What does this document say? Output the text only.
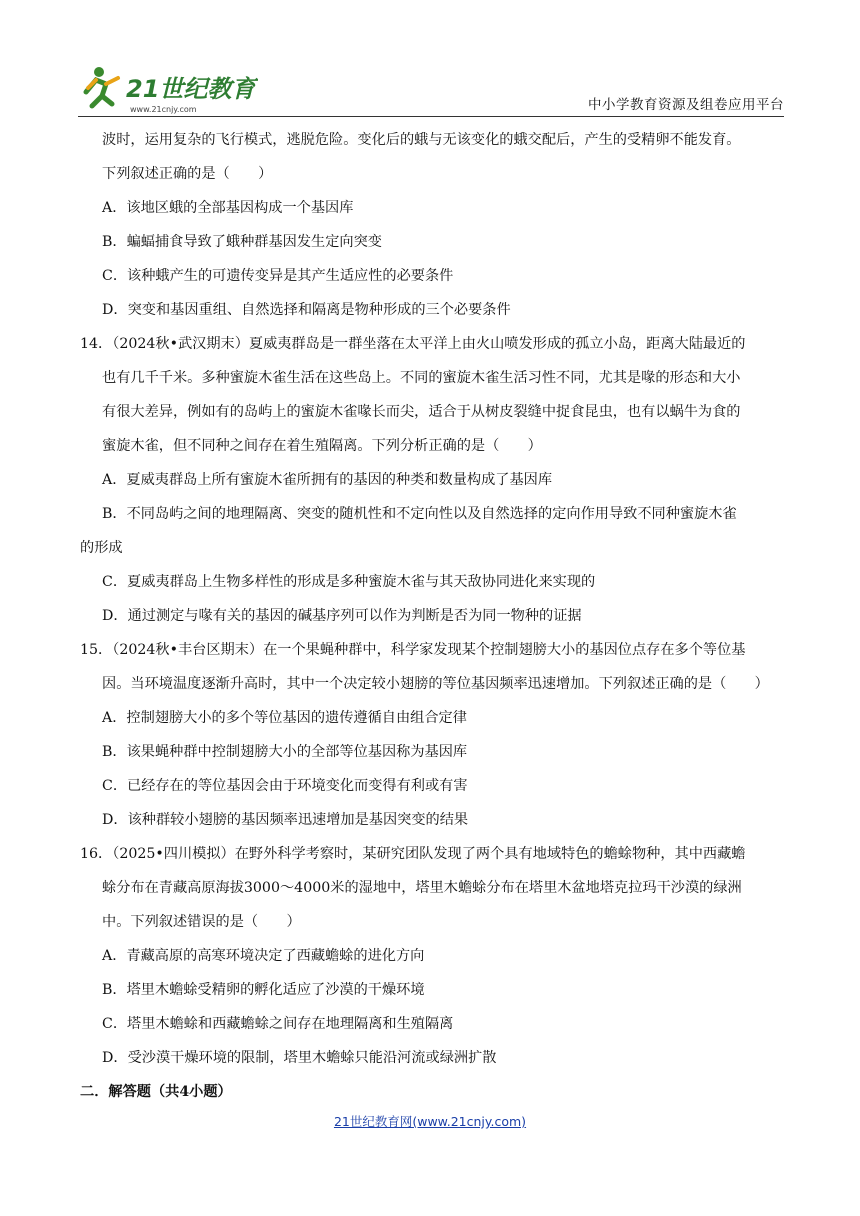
21世纪教育
www.21cnjy.com	中小学教育资源及组卷应用平台
波时，运用复杂的飞行模式，逃脱危险。变化后的蛾与无该变化的蛾交配后，产生的受精卵不能发育。
下列叙述正确的是（　　）
A．该地区蛾的全部基因构成一个基因库
B．蝙蝠捕食导致了蛾种群基因发生定向突变
C．该种蛾产生的可遗传变异是其产生适应性的必要条件
D．突变和基因重组、自然选择和隔离是物种形成的三个必要条件
14．（2024秋•武汉期末）夏威夷群岛是一群坐落在太平洋上由火山喷发形成的孤立小岛，距离大陆最近的
也有几千千米。多种蜜旋木雀生活在这些岛上。不同的蜜旋木雀生活习性不同，尤其是喙的形态和大小
有很大差异，例如有的岛屿上的蜜旋木雀喙长而尖，适合于从树皮裂缝中捉食昆虫，也有以蜗牛为食的
蜜旋木雀，但不同种之间存在着生殖隔离。下列分析正确的是（　　）
A．夏威夷群岛上所有蜜旋木雀所拥有的基因的种类和数量构成了基因库
B．不同岛屿之间的地理隔离、突变的随机性和不定向性以及自然选择的定向作用导致不同种蜜旋木雀
的形成
C．夏威夷群岛上生物多样性的形成是多种蜜旋木雀与其天敌协同进化来实现的
D．通过测定与喙有关的基因的碱基序列可以作为判断是否为同一物种的证据
15．（2024秋•丰台区期末）在一个果蝇种群中，科学家发现某个控制翅膀大小的基因位点存在多个等位基
因。当环境温度逐渐升高时，其中一个决定较小翅膀的等位基因频率迅速增加。下列叙述正确的是（　　）
A．控制翅膀大小的多个等位基因的遗传遵循自由组合定律
B．该果蝇种群中控制翅膀大小的全部等位基因称为基因库
C．已经存在的等位基因会由于环境变化而变得有利或有害
D．该种群较小翅膀的基因频率迅速增加是基因突变的结果
16．（2025•四川模拟）在野外科学考察时，某研究团队发现了两个具有地域特色的蟾蜍物种，其中西藏蟾
蜍分布在青藏高原海拔3000～4000米的湿地中，塔里木蟾蜍分布在塔里木盆地塔克拉玛干沙漠的绿洲
中。下列叙述错误的是（　　）
A．青藏高原的高寒环境决定了西藏蟾蜍的进化方向
B．塔里木蟾蜍受精卵的孵化适应了沙漠的干燥环境
C．塔里木蟾蜍和西藏蟾蜍之间存在地理隔离和生殖隔离
D．受沙漠干燥环境的限制，塔里木蟾蜍只能沿河流或绿洲扩散
二．解答题（共4小题）
21世纪教育网(www.21cnjy.com)
